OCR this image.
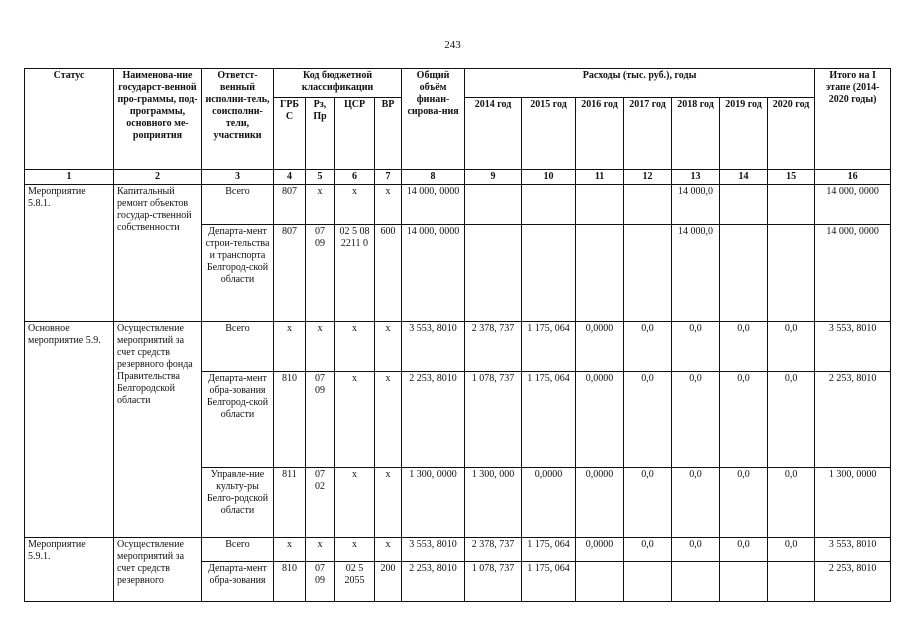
243
Статус	Наименова-ние государст-венной про-граммы, под-программы, основного ме-роприятия	Ответст-венный исполни-тель, соисполни-тели, участники	Код бюджетной классификации				Общий объём финан-сирова-ния	Расходы (тыс. руб.), годы							Итого на I этапе (2014-2020 годы)
			ГРБ С	Рз, Пр	ЦСР	ВР		2014 год	2015 год	2016 год	2017 год	2018 год	2019 год	2020 год	
1	2	3	4	5	6	7	8	9	10	11	12	13	14	15	16
Мероприятие 5.8.1.	Капитальный ремонт объектов государ-ственной собственности	Всего	807	х	х	х	14 000, 0000					14 000,0			14 000, 0000
		Департа-мент строи-тельства и транспорта Белгород-ской области	807	07 09	02 5 08 2211 0	600	14 000, 0000					14 000,0			14 000, 0000
Основное мероприятие 5.9.	Осуществление мероприятий за счет средств резервного фонда Правительства Белгородской области	Всего	х	х	х	х	3 553, 8010	2 378, 737	1 175, 064	0,0000	0,0	0,0	0,0	0,0	3 553, 8010
		Департа-мент обра-зования Белгород-ской области	810	07 09	х	х	2 253, 8010	1 078, 737	1 175, 064	0,0000	0,0	0,0	0,0	0,0	2 253, 8010
		Управле-ние культу-ры Белго-родской области	811	07 02	х	х	1 300, 0000	1 300, 000	0,0000	0,0000	0,0	0,0	0,0	0,0	1 300, 0000
Мероприятие 5.9.1.	Осуществление мероприятий за счет средств резервного	Всего	х	х	х	х	3 553, 8010	2 378, 737	1 175, 064	0,0000	0,0	0,0	0,0	0,0	3 553, 8010
		Департа-мент обра-зования	810	07 09	02 5 2055	200	2 253, 8010	1 078, 737	1 175, 064						2 253, 8010
